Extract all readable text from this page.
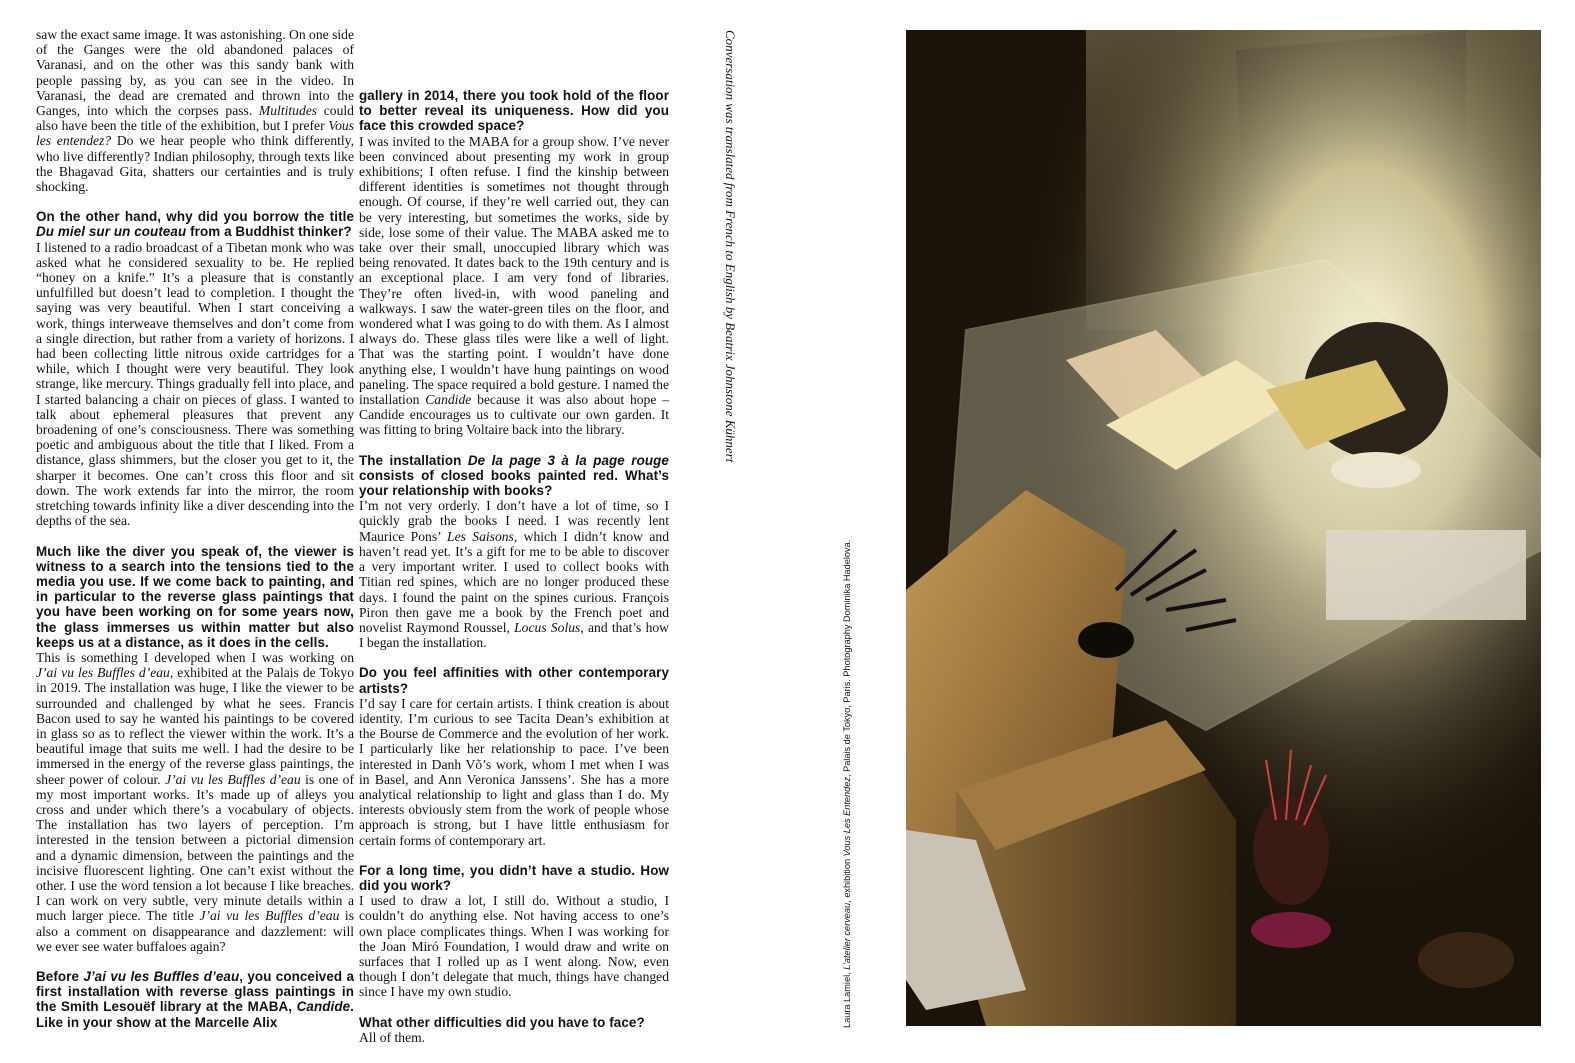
saw the exact same image. It was astonishing. On one side of the Ganges were the old abandoned palaces of Varanasi, and on the other was this sandy bank with people passing by, as you can see in the video. In Varanasi, the dead are cremated and thrown into the Ganges, into which the corpses pass. Multitudes could also have been the title of the exhibition, but I prefer Vous les entendez? Do we hear people who think differently, who live differently? Indian philosophy, through texts like the Bhagavad Gita, shatters our certainties and is truly shocking.

On the other hand, why did you borrow the title Du miel sur un couteau from a Buddhist thinker?

I listened to a radio broadcast of a Tibetan monk who was asked what he considered sexuality to be. He replied “honey on a knife.” It’s a pleasure that is constantly unfulfilled but doesn’t lead to completion. I thought the saying was very beautiful. When I start conceiving a work, things interweave themselves and don’t come from a single direction, but rather from a variety of horizons. I had been collecting little nitrous oxide cartridges for a while, which I thought were very beautiful. They look strange, like mercury. Things gradually fell into place, and I started balancing a chair on pieces of glass. I wanted to talk about ephemeral pleasures that prevent any broadening of one’s consciousness. There was something poetic and ambiguous about the title that I liked. From a distance, glass shimmers, but the closer you get to it, the sharper it becomes. One can’t cross this floor and sit down. The work extends far into the mirror, the room stretching towards infinity like a diver descending into the depths of the sea.

Much like the diver you speak of, the viewer is witness to a search into the tensions tied to the media you use. If we come back to painting, and in particular to the reverse glass paintings that you have been working on for some years now, the glass immerses us within matter but also keeps us at a distance, as it does in the cells.

This is something I developed when I was working on J’ai vu les Buffles d’eau, exhibited at the Palais de Tokyo in 2019. The installation was huge, I like the viewer to be surrounded and challenged by what he sees. Francis Bacon used to say he wanted his paintings to be covered in glass so as to reflect the viewer within the work. It’s a beautiful image that suits me well. I had the desire to be immersed in the energy of the reverse glass paintings, the sheer power of colour. J’ai vu les Buffles d’eau is one of my most important works. It’s made up of alleys you cross and under which there’s a vocabulary of objects. The installation has two layers of perception. I’m interested in the tension between a pictorial dimension and a dynamic dimension, between the paintings and the incisive fluorescent lighting. One can’t exist without the other. I use the word tension a lot because I like breaches. I can work on very subtle, very minute details within a much larger piece. The title J’ai vu les Buffles d’eau is also a comment on disappearance and dazzlement: will we ever see water buffaloes again?

Before J’ai vu les Buffles d’eau, you conceived a first installation with reverse glass paintings in the Smith Lesouëf library at the MABA, Candide. Like in your show at the Marcelle Alix
gallery in 2014, there you took hold of the floor to better reveal its uniqueness. How did you face this crowded space?

I was invited to the MABA for a group show. I’ve never been convinced about presenting my work in group exhibitions; I often refuse. I find the kinship between different identities is sometimes not thought through enough. Of course, if they’re well carried out, they can be very interesting, but sometimes the works, side by side, lose some of their value. The MABA asked me to take over their small, unoccupied library which was being renovated. It dates back to the 19th century and is an exceptional place. I am very fond of libraries. They’re often lived-in, with wood paneling and walkways. I saw the water-green tiles on the floor, and wondered what I was going to do with them. As I almost always do. These glass tiles were like a well of light. That was the starting point. I wouldn’t have done anything else, I wouldn’t have hung paintings on wood paneling. The space required a bold gesture. I named the installation Candide because it was also about hope – Candide encourages us to cultivate our own garden. It was fitting to bring Voltaire back into the library.

The installation De la page 3 à la page rouge consists of closed books painted red. What’s your relationship with books?

I’m not very orderly. I don’t have a lot of time, so I quickly grab the books I need. I was recently lent Maurice Pons’ Les Saisons, which I didn’t know and haven’t read yet. It’s a gift for me to be able to discover a very important writer. I used to collect books with Titian red spines, which are no longer produced these days. I found the paint on the spines curious. François Piron then gave me a book by the French poet and novelist Raymond Roussel, Locus Solus, and that’s how I began the installation.

Do you feel affinities with other contemporary artists?

I’d say I care for certain artists. I think creation is about identity. I’m curious to see Tacita Dean’s exhibition at the Bourse de Commerce and the evolution of her work. I particularly like her relationship to pace. I’ve been interested in Danh Võ’s work, whom I met when I was in Basel, and Ann Veronica Janssens’. She has a more analytical relationship to light and glass than I do. My interests obviously stem from the work of people whose approach is strong, but I have little enthusiasm for certain forms of contemporary art.

For a long time, you didn’t have a studio. How did you work?

I used to draw a lot, I still do. Without a studio, I couldn’t do anything else. Not having access to one’s own place complicates things. When I was working for the Joan Miró Foundation, I would draw and write on surfaces that I rolled up as I went along. Now, even though I don’t delegate that much, things have changed since I have my own studio.

What other difficulties did you have to face?

All of them.

Conversation was translated from French to English by Beatrix Johnstone Kühnert
Laura Lamiel, L’atelier cerveau, exhibition Vous Les Entendez, Palais de Tokyo, Paris. Photography Dominika Hadelova.
